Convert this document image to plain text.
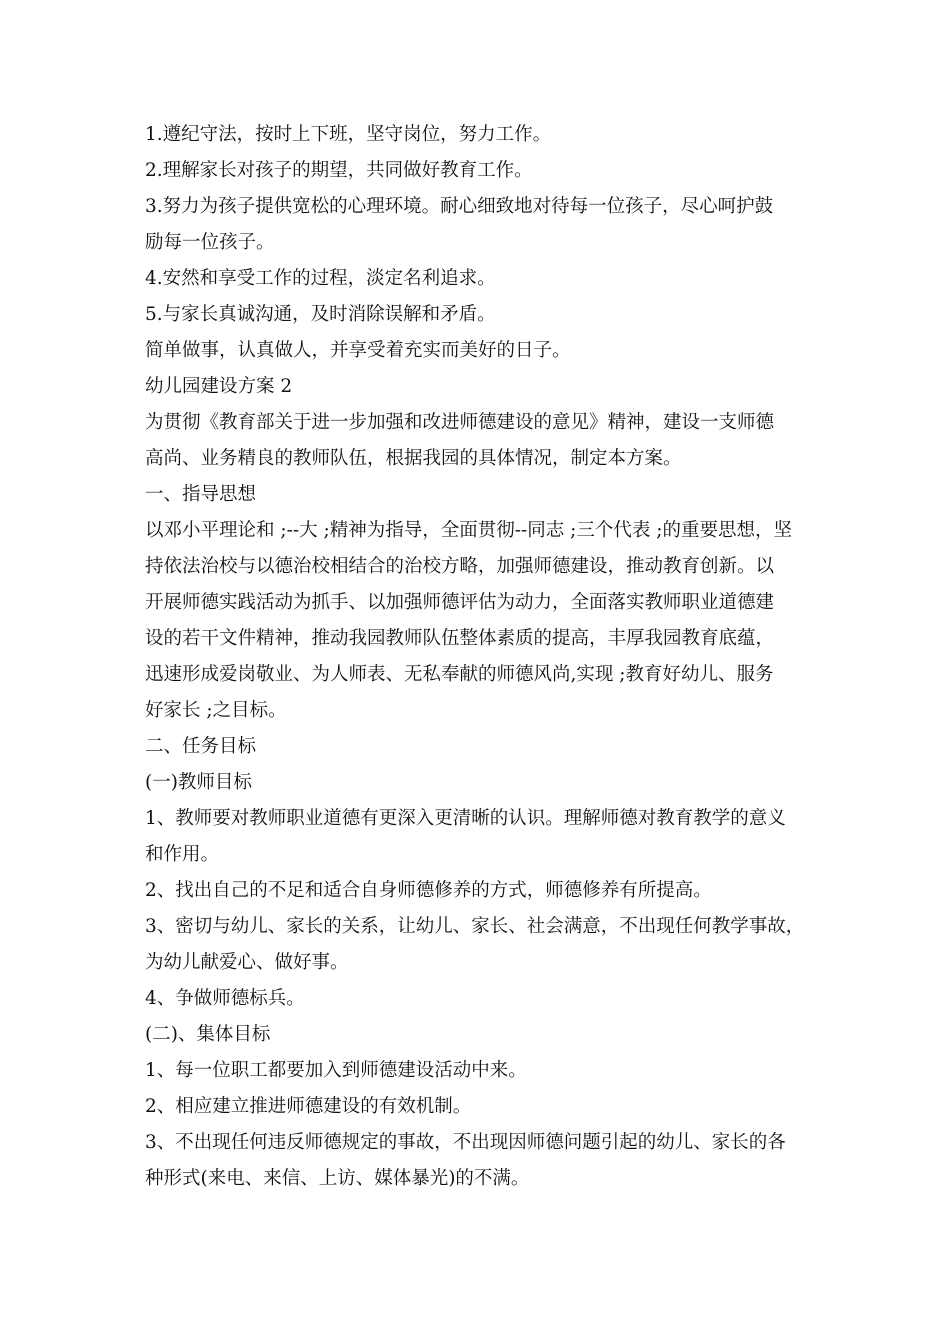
1.遵纪守法，按时上下班，坚守岗位，努力工作。

2.理解家长对孩子的期望，共同做好教育工作。

3.努力为孩子提供宽松的心理环境。耐心细致地对待每一位孩子，尽心呵护鼓

励每一位孩子。

4.安然和享受工作的过程，淡定名利追求。

5.与家长真诚沟通，及时消除误解和矛盾。

简单做事，认真做人，并享受着充实而美好的日子。

幼儿园建设方案 2

为贯彻《教育部关于进一步加强和改进师德建设的意见》精神，建设一支师德

高尚、业务精良的教师队伍，根据我园的具体情况，制定本方案。

一、指导思想

以邓小平理论和 ;--大 ;精神为指导，全面贯彻--同志 ;三个代表 ;的重要思想，坚

持依法治校与以德治校相结合的治校方略，加强师德建设，推动教育创新。以

开展师德实践活动为抓手、以加强师德评估为动力，全面落实教师职业道德建

设的若干文件精神，推动我园教师队伍整体素质的提高，丰厚我园教育底蕴，

迅速形成爱岗敬业、为人师表、无私奉献的师德风尚,实现 ;教育好幼儿、服务

好家长 ;之目标。

二、任务目标

(一)教师目标

1、教师要对教师职业道德有更深入更清晰的认识。理解师德对教育教学的意义

和作用。

2、找出自己的不足和适合自身师德修养的方式，师德修养有所提高。

3、密切与幼儿、家长的关系，让幼儿、家长、社会满意，不出现任何教学事故，

为幼儿献爱心、做好事。

4、争做师德标兵。

(二)、集体目标

1、每一位职工都要加入到师德建设活动中来。

2、相应建立推进师德建设的有效机制。

3、不出现任何违反师德规定的事故，不出现因师德问题引起的幼儿、家长的各

种形式(来电、来信、上访、媒体暴光)的不满。
